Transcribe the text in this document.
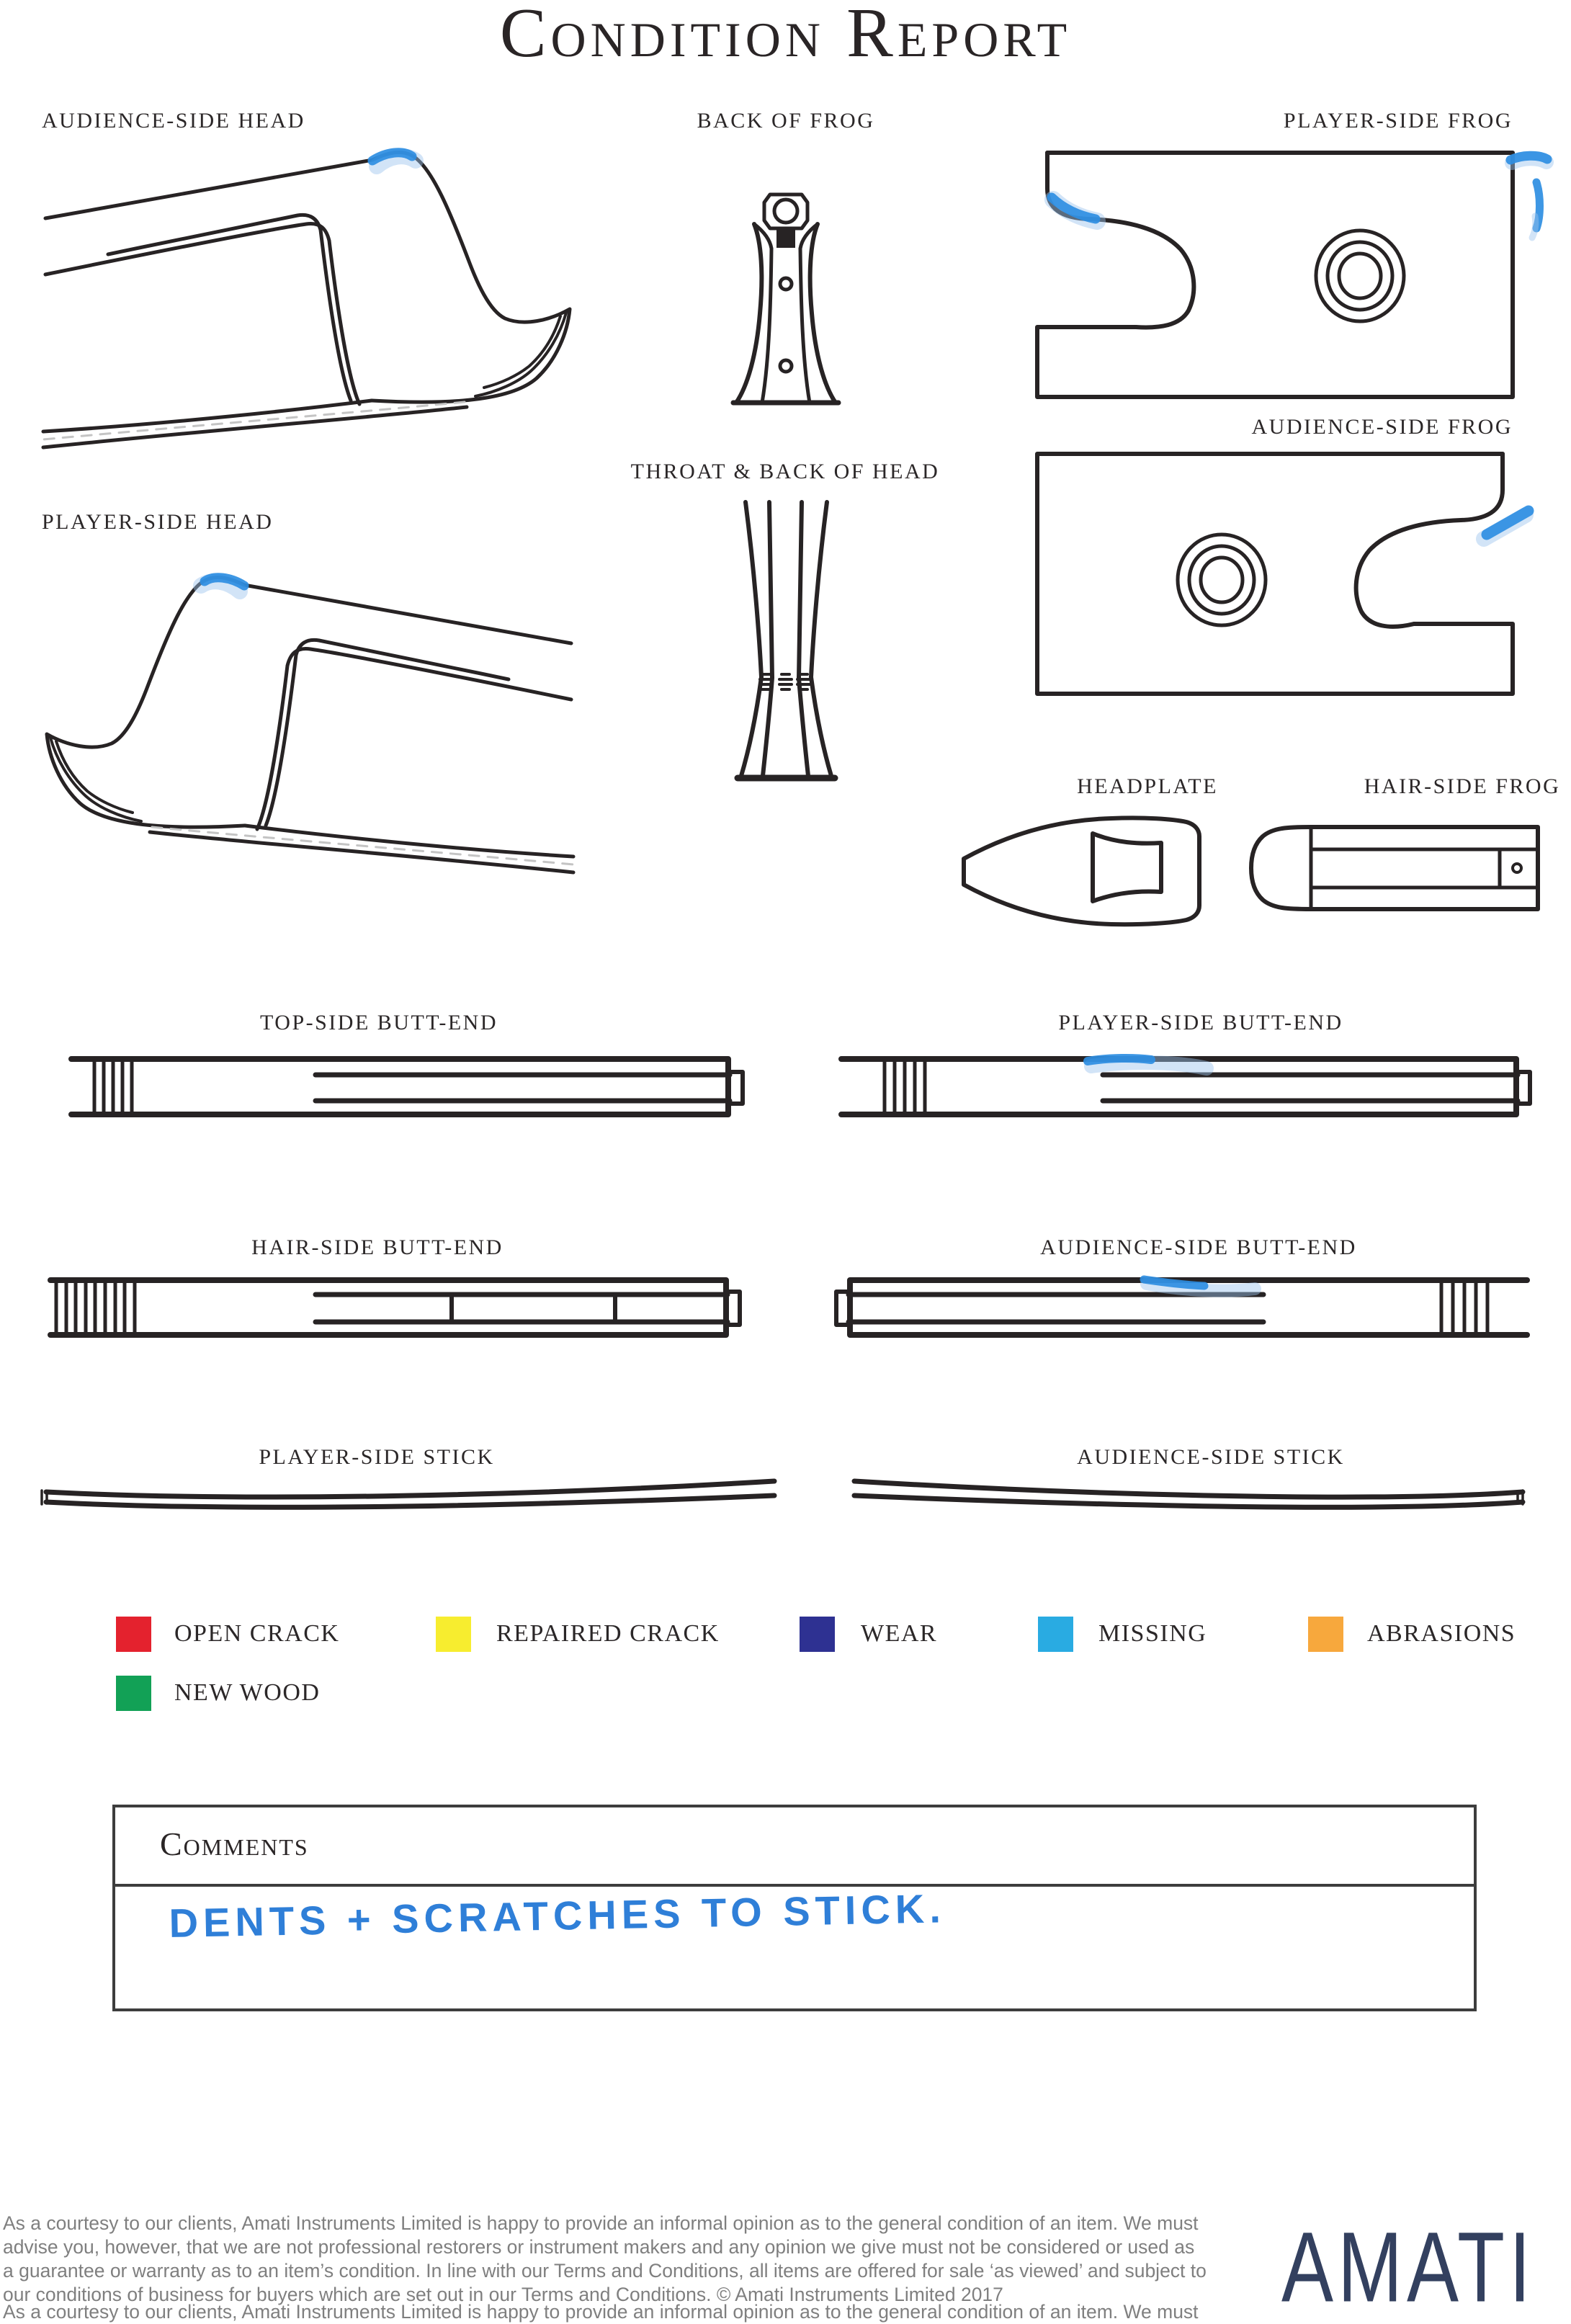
Condition Report
AUDIENCE-SIDE HEAD	BACK OF FROG	PLAYER-SIDE FROG
AUDIENCE-SIDE FROG
PLAYER-SIDE HEAD
THROAT & BACK OF HEAD
HEADPLATE	HAIR-SIDE FROG
TOP-SIDE BUTT-END	PLAYER-SIDE BUTT-END
HAIR-SIDE BUTT-END	AUDIENCE-SIDE BUTT-END
PLAYER-SIDE STICK	AUDIENCE-SIDE STICK
OPEN CRACK	REPAIRED CRACK	WEAR	MISSING	ABRASIONS
NEW WOOD
Comments
DENTS + SCRATCHES TO STICK.
As a courtesy to our clients, Amati Instruments Limited is happy to provide an informal opinion as to the general condition of an item. We must
advise you, however, that we are not professional restorers or instrument makers and any opinion we give must not be considered or used as
a guarantee or warranty as to an item’s condition. In line with our Terms and Conditions, all items are offered for sale ‘as viewed’ and subject to
our conditions of business for buyers which are set out in our Terms and Conditions. © Amati Instruments Limited 2017
As a courtesy to our clients, Amati Instruments Limited is happy to provide an informal opinion as to the general condition of an item. We must AMATI
